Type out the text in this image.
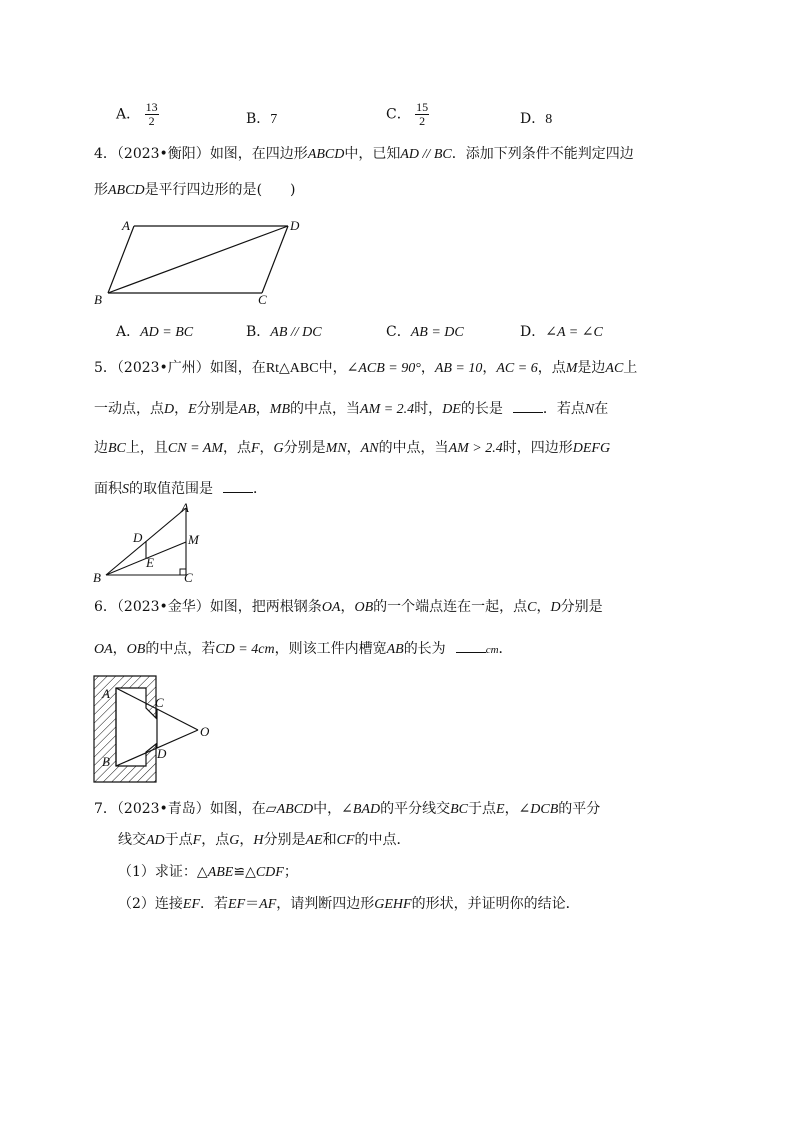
A． $\frac{13}{2}$	B．7	C． $\frac{15}{2}$	D．8
4．（2023•衡阳）如图，在四边形ABCD中，已知AD // BC．添加下列条件不能判定四边
形ABCD是平行四边形的是(　　)
A	D
B	C
A．AD = BC	B．AB // DC	C．AB = DC	D．∠A = ∠C
5．（2023•广州）如图，在Rt△ABC中，∠ACB = 90°，AB = 10，AC = 6，点M是边AC上
一动点，点D，E分别是AB，MB的中点，当AM = 2.4时，DE的长是	．若点N在
边BC上，且CN = AM，点F，G分别是MN，AN的中点，当AM > 2.4时，四边形DEFG
面积S的取值范围是	．
A
D	M
E
B	C
6．（2023•金华）如图，把两根钢条OA，OB的一个端点连在一起，点C，D分别是
OA，OB的中点，若CD = 4cm，则该工件内槽宽AB的长为	cm．
A
B
C
D
O
7．（2023•青岛）如图，在▱ABCD中，∠BAD的平分线交BC于点E，∠DCB的平分
线交AD于点F，点G，H分别是AE和CF的中点．
（1）求证：△ABE≌△CDF；
（2）连接EF．若EF＝AF，请判断四边形GEHF的形状，并证明你的结论．
